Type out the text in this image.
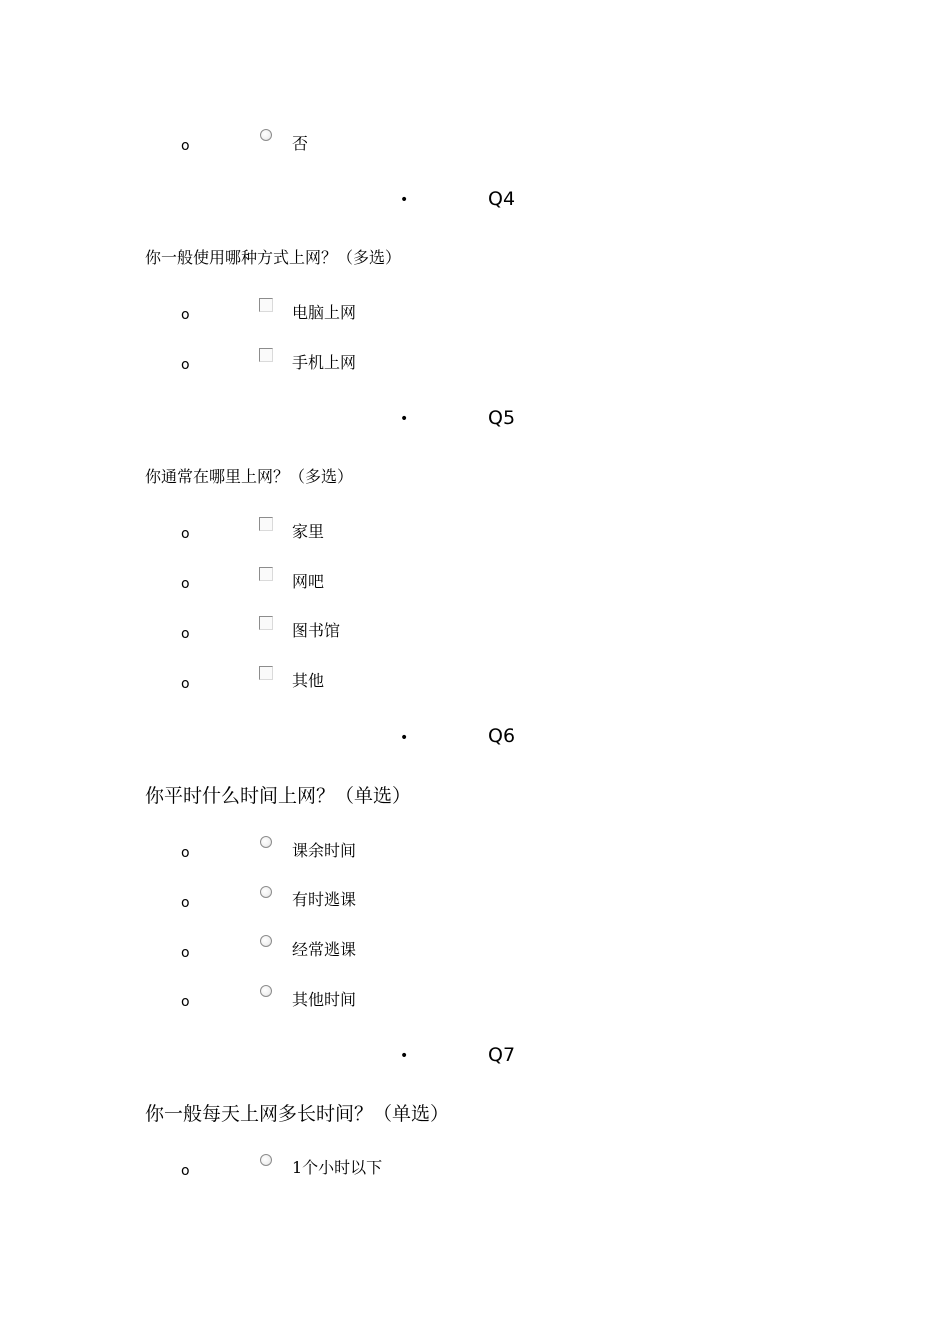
o	否
•	Q4
你一般使用哪种方式上网？（多选）
o	电脑上网
o	手机上网
•	Q5
你通常在哪里上网？（多选）
o	家里
o	网吧
o	图书馆
o	其他
•	Q6
你平时什么时间上网？（单选）
o	课余时间
o	有时逃课
o	经常逃课
o	其他时间
•	Q7
你一般每天上网多长时间？（单选）
o	1个小时以下
